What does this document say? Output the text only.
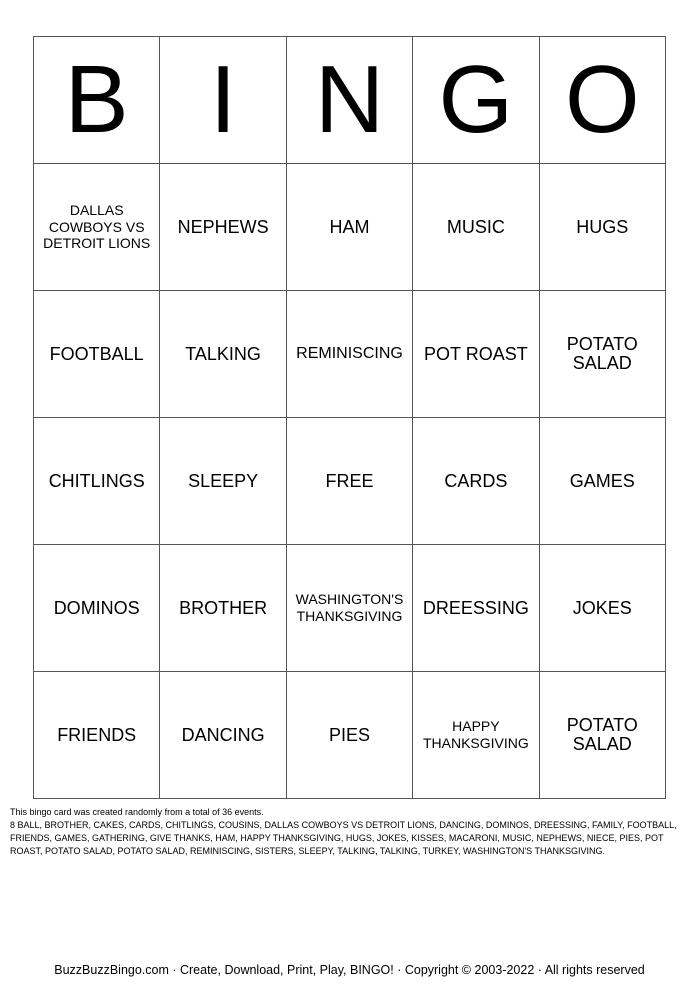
B	I	N	G	O
DALLAS COWBOYS VS DETROIT LIONS	NEPHEWS	HAM	MUSIC	HUGS
FOOTBALL	TALKING	REMINISCING	POT ROAST	POTATO SALAD
CHITLINGS	SLEEPY	FREE	CARDS	GAMES
DOMINOS	BROTHER	WASHINGTON'S THANKSGIVING	DREESSING	JOKES
FRIENDS	DANCING	PIES	HAPPY THANKSGIVING	POTATO SALAD
This bingo card was created randomly from a total of 36 events.
8 BALL, BROTHER, CAKES, CARDS, CHITLINGS, COUSINS, DALLAS COWBOYS VS DETROIT LIONS, DANCING, DOMINOS, DREESSING, FAMILY, FOOTBALL, FRIENDS, GAMES, GATHERING, GIVE THANKS, HAM, HAPPY THANKSGIVING, HUGS, JOKES, KISSES, MACARONI, MUSIC, NEPHEWS, NIECE, PIES, POT ROAST, POTATO SALAD, POTATO SALAD, REMINISCING, SISTERS, SLEEPY, TALKING, TALKING, TURKEY, WASHINGTON'S THANKSGIVING.
BuzzBuzzBingo.com · Create, Download, Print, Play, BINGO! · Copyright © 2003-2022 · All rights reserved
